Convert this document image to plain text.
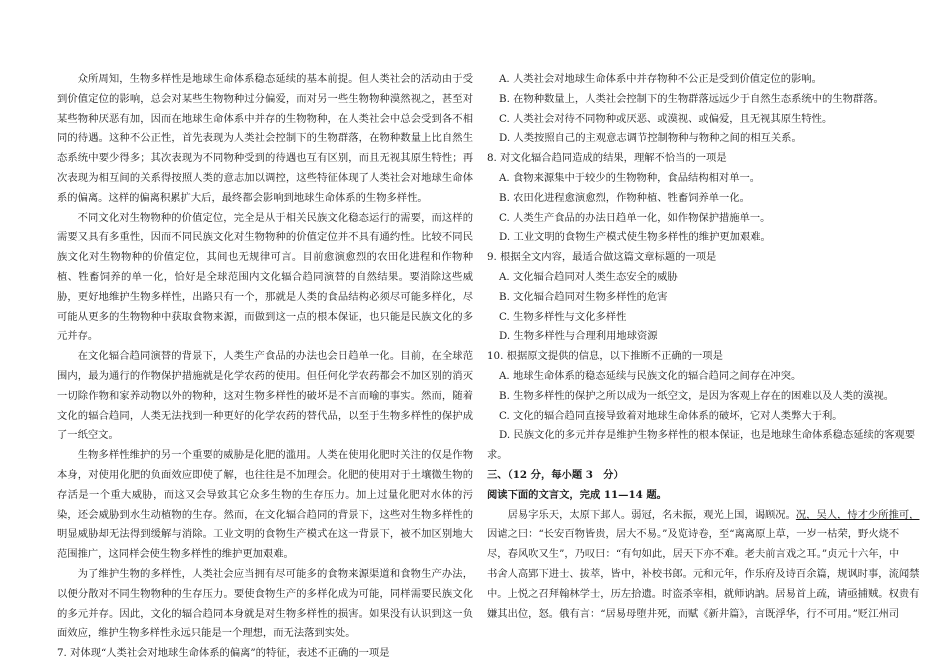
众所周知，生物多样性是地球生命体系稳态延续的基本前提。但人类社会的活动由于受到价值定位的影响，总会对某些生物物种过分偏爱，而对另一些生物物种漠然视之，甚至对某些物种厌恶有加，因而在地球生命体系中并存的生物物种，在人类社会中总会受到各不相同的待遇。这种不公正性，首先表现为人类社会控制下的生物群落，在物种数量上比自然生态系统中要少得多；其次表现为不同物种受到的待遇也互有区别，而且无视其原生特性；再次表现为相互间的关系得按照人类的意志加以调控，这些特征体现了人类社会对地球生命体系的偏离。这样的偏离积累扩大后，最终都会影响到地球生命体系的生物多样性。

不同文化对生物物种的价值定位，完全是从于相关民族文化稳态运行的需要，而这样的需要又具有多重性，因而不同民族文化对生物物种的价值定位并不具有通约性。比较不同民族文化对生物物种的价值定位，其间也无规律可言。目前愈演愈烈的农田化进程和作物种植、牲畜饲养的单一化，恰好是全球范围内文化辐合趋同演替的自然结果。要消除这些威胁，更好地维护生物多样性，出路只有一个，那就是人类的食品结构必须尽可能多样化，尽可能从更多的生物物种中获取食物来源，而做到这一点的根本保证，也只能是民族文化的多元并存。

在文化辐合趋同演替的背景下，人类生产食品的办法也会日趋单一化。目前，在全球范围内，最为通行的作物保护措施就是化学农药的使用。但任何化学农药都会不加区别的消灭一切除作物和家养动物以外的物种，这对生物多样性的破坏是不言而喻的事实。然而，随着文化的辐合趋同，人类无法找到一种更好的化学农药的替代品，以至于生物多样性的保护成了一纸空文。

生物多样性维护的另一个重要的威胁是化肥的滥用。人类在使用化肥时关注的仅是作物本身，对使用化肥的负面效应即使了解，也往往是不加理会。化肥的使用对于土壤微生物的存活是一个重大威胁，而这又会导致其它众多生物的生存压力。加上过量化肥对水体的污染，还会威胁到水生动植物的生存。然而，在文化辐合趋同的背景下，这些对生物多样性的明显威胁却无法得到缓解与消除。工业文明的食物生产模式在这一背景下，被不加区别地大范围推广，这同样会使生物多样性的维护更加艰难。

为了维护生物的多样性，人类社会应当拥有尽可能多的食物来源渠道和食物生产办法，以便分散对不同生物物种的生存压力。要使食物生产的多样化成为可能，同样需要民族文化的多元并存。因此，文化的辐合趋同本身就是对生物多样性的损害。如果没有认识到这一负面效应，维护生物多样性永远只能是一个理想，而无法落到实处。

7. 对体现“人类社会对地球生命体系的偏离”的特征，表述不正确的一项是

A. 人类社会对地球生命体系中并存物种不公正是受到价值定位的影响。

B. 在物种数量上，人类社会控制下的生物群落远远少于自然生态系统中的生物群落。

C. 人类社会对待不同物种或厌恶、或漠视、或偏爱，且无视其原生特性。

D. 人类按照自己的主观意志调节控制物种与物种之间的相互关系。

8. 对文化辐合趋同造成的结果，理解不恰当的一项是

A. 食物来源集中于较少的生物物种，食品结构相对单一。

B. 农田化进程愈演愈烈，作物种植、牲畜饲养单一化。

C. 人类生产食品的办法日趋单一化，如作物保护措施单一。

D. 工业文明的食物生产模式使生物多样性的维护更加艰难。

9. 根据全文内容，最适合做这篇文章标题的一项是

A. 文化辐合趋同对人类生态安全的威胁

B. 文化辐合趋同对生物多样性的危害

C. 生物多样性与文化多样性

D. 生物多样性与合理利用地球资源

10. 根据原文提供的信息，以下推断不正确的一项是

A. 地球生命体系的稳态延续与民族文化的辐合趋同之间存在冲突。

B. 生物多样性的保护之所以成为一纸空文，是因为客观上存在的困难以及人类的漠视。

C. 文化的辐合趋同直接导致着对地球生命体系的破坏，它对人类弊大于利。

D. 民族文化的多元并存是维护生物多样性的根本保证，也是地球生命体系稳态延续的客观要

求。

三、（12 分，每小题 3　分）

阅读下面的文言文，完成 11—14 题。

居易字乐天，太原下邽人。弱冠，名未振，观光上国，谒顾况。况，吴人，恃才少所推可，

因谑之曰：“长安百物皆贵，居大不易。”及览诗卷，至“离离原上草，一岁一枯荣，野火烧不

尽，春风吹又生”，乃叹曰：“有句如此，居天下亦不难。老夫前言戏之耳。”贞元十六年，中

书舍人高郢下进士、拔萃，皆中，补校书郎。元和元年，作乐府及诗百余篇，规讽时事，流闻禁

中。上悦之召拜翰林学士，历左拾遗。时盗杀宰相，就师讷訥。居易首上疏，请亟捕贼。权贵有

嫌其出位，怒。俄有言：“居易母堕井死，而赋《新井篇》，言既浮华，行不可用。”贬江州司
